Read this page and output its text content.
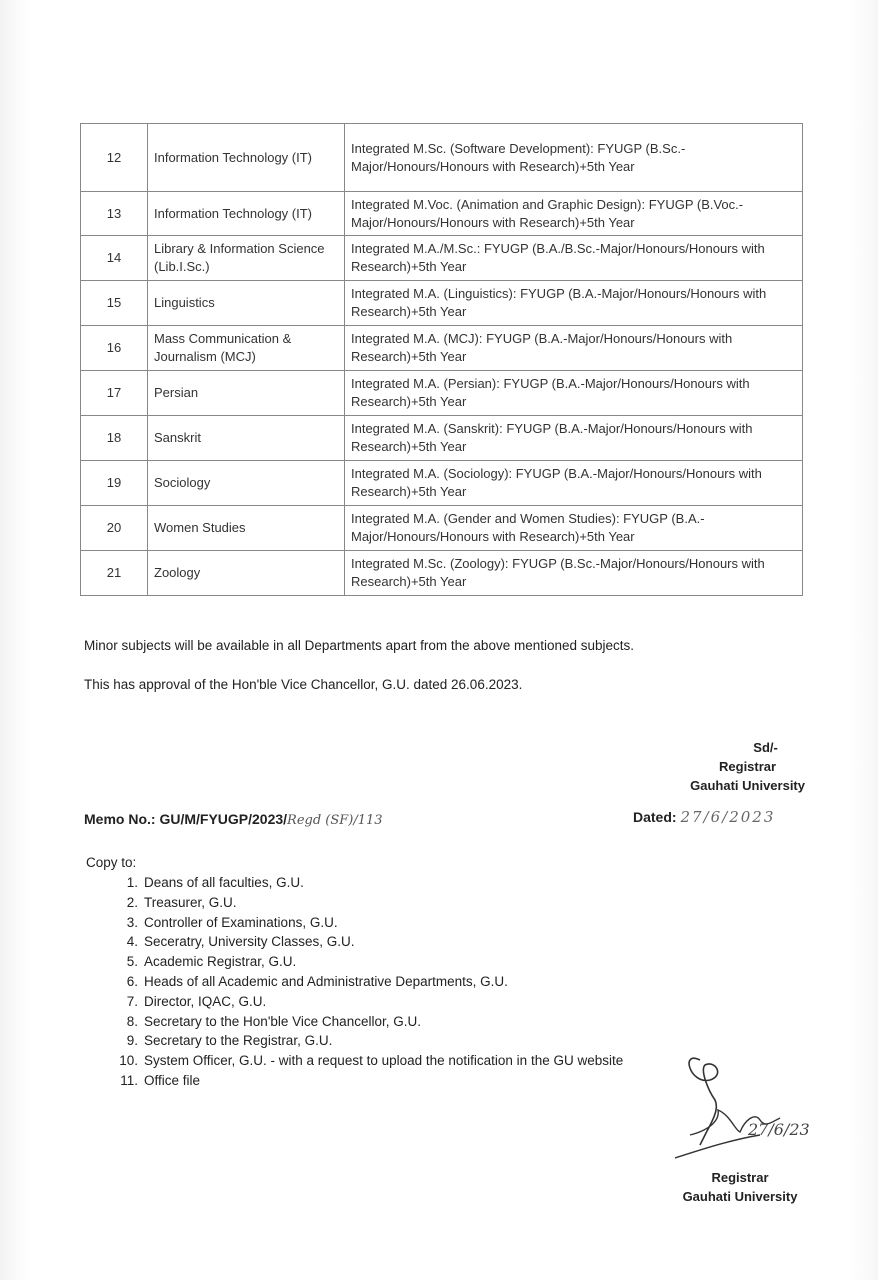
12	Information Technology (IT)	Integrated M.Sc. (Software Development): FYUGP (B.Sc.-Major/Honours/Honours with Research)+5th Year
13	Information Technology (IT)	Integrated M.Voc. (Animation and Graphic Design): FYUGP (B.Voc.-Major/Honours/Honours with Research)+5th Year
14	Library & Information Science (Lib.I.Sc.)	Integrated M.A./M.Sc.: FYUGP (B.A./B.Sc.-Major/Honours/Honours with Research)+5th Year
15	Linguistics	Integrated M.A. (Linguistics): FYUGP (B.A.-Major/Honours/Honours with Research)+5th Year
16	Mass Communication & Journalism (MCJ)	Integrated M.A. (MCJ): FYUGP (B.A.-Major/Honours/Honours with Research)+5th Year
17	Persian	Integrated M.A. (Persian): FYUGP (B.A.-Major/Honours/Honours with Research)+5th Year
18	Sanskrit	Integrated M.A. (Sanskrit): FYUGP (B.A.-Major/Honours/Honours with Research)+5th Year
19	Sociology	Integrated M.A. (Sociology): FYUGP (B.A.-Major/Honours/Honours with Research)+5th Year
20	Women Studies	Integrated M.A. (Gender and Women Studies): FYUGP (B.A.-Major/Honours/Honours with Research)+5th Year
21	Zoology	Integrated M.Sc. (Zoology): FYUGP (B.Sc.-Major/Honours/Honours with Research)+5th Year
Minor subjects will be available in all Departments apart from the above mentioned subjects.
This has approval of the Hon'ble Vice Chancellor, G.U. dated 26.06.2023.
Sd/-
Registrar
Gauhati University
Memo No.: GU/M/FYUGP/2023/Regd (SF)/113	Dated: 27/6/2023
Copy to:
1. Deans of all faculties, G.U.
2. Treasurer, G.U.
3. Controller of Examinations, G.U.
4. Seceratry, University Classes, G.U.
5. Academic Registrar, G.U.
6. Heads of all Academic and Administrative Departments, G.U.
7. Director, IQAC, G.U.
8. Secretary to the Hon'ble Vice Chancellor, G.U.
9. Secretary to the Registrar, G.U.
10. System Officer, G.U. - with a request to upload the notification in the GU website
11. Office file
27/6/23
Registrar
Gauhati University
